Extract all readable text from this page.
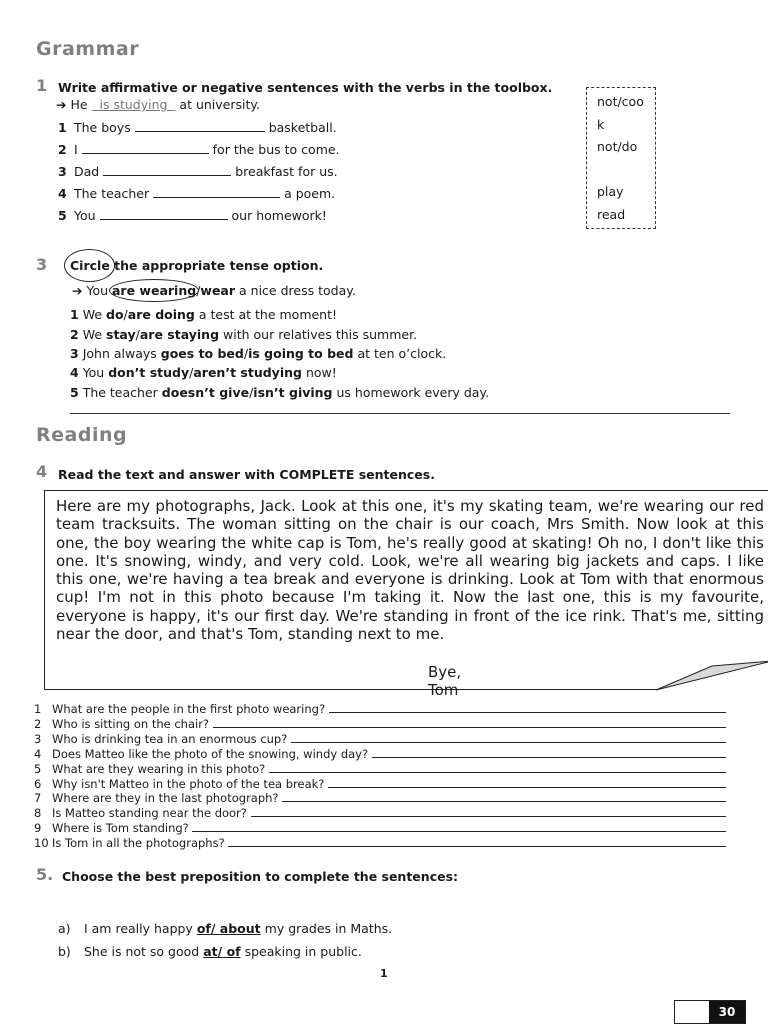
Grammar
1 Write affirmative or negative sentences with the verbs in the toolbox.
➔ He is studying at university.
1 The boys	basketball.
2 I	for the bus to come.
3 Dad	breakfast for us.
4 The teacher	a poem.
5 You	our homework!
not/coo
k
not/do
play
read
3 Circle the appropriate tense option.
➔ You are wearing/wear a nice dress today.
1 We do/are doing a test at the moment!
2 We stay/are staying with our relatives this summer.
3 John always goes to bed/is going to bed at ten o’clock.
4 You don’t study/aren’t studying now!
5 The teacher doesn’t give/isn’t giving us homework every day.
Reading
4 Read the text and answer with COMPLETE sentences.

Here are my photographs, Jack. Look at this one, it's my skating team, we're wearing our red team tracksuits. The woman sitting on the chair is our coach, Mrs Smith. Now look at this one, the boy wearing the white cap is Tom, he's really good at skating! Oh no, I don't like this one. It's snowing, windy, and very cold. Look, we're all wearing big jackets and caps. I like this one, we're having a tea break and everyone is drinking. Look at Tom with that enormous cup! I'm not in this photo because I'm taking it. Now the last one, this is my favourite, everyone is happy, it's our first day. We're standing in front of the ice rink. That's me, sitting near the door, and that's Tom, standing next to me.

Bye,
Tom
1 What are the people in the first photo wearing?
2 Who is sitting on the chair?
3 Who is drinking tea in an enormous cup?
4 Does Matteo like the photo of the snowing, windy day?
5 What are they wearing in this photo?
6 Why isn't Matteo in the photo of the tea break?
7 Where are they in the last photograph?
8 Is Matteo standing near the door?
9 Where is Tom standing?
10 Is Tom in all the photographs?
5. Choose the best preposition to complete the sentences:
a) I am really happy of/ about my grades in Maths.
b) She is not so good at/ of speaking in public.
1
30
